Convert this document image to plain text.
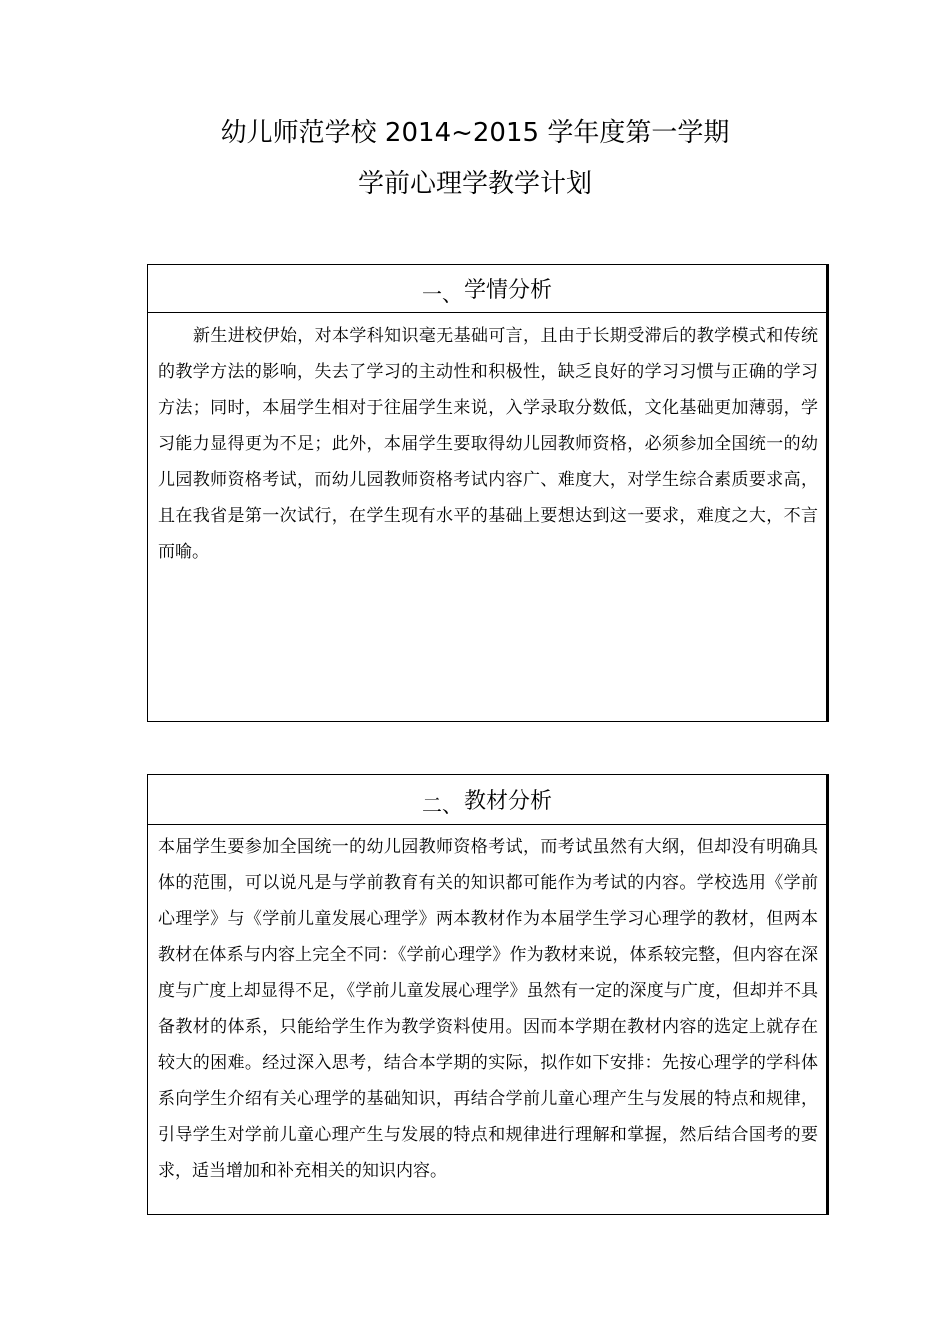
幼儿师范学校 2014~2015 学年度第一学期
学前心理学教学计划
一、 学情分析
新生进校伊始，对本学科知识毫无基础可言，且由于长期受滞后的教学模式和传统的教学方法的影响，失去了学习的主动性和积极性，缺乏良好的学习习惯与正确的学习方法；同时，本届学生相对于往届学生来说，入学录取分数低，文化基础更加薄弱，学习能力显得更为不足；此外，本届学生要取得幼儿园教师资格，必须参加全国统一的幼儿园教师资格考试，而幼儿园教师资格考试内容广、难度大，对学生综合素质要求高，且在我省是第一次试行，在学生现有水平的基础上要想达到这一要求，难度之大，不言而喻。
二、 教材分析
本届学生要参加全国统一的幼儿园教师资格考试，而考试虽然有大纲，但却没有明确具体的范围，可以说凡是与学前教育有关的知识都可能作为考试的内容。学校选用《学前心理学》与《学前儿童发展心理学》两本教材作为本届学生学习心理学的教材，但两本教材在体系与内容上完全不同：《学前心理学》作为教材来说，体系较完整，但内容在深度与广度上却显得不足，《学前儿童发展心理学》虽然有一定的深度与广度，但却并不具备教材的体系，只能给学生作为教学资料使用。因而本学期在教材内容的选定上就存在较大的困难。经过深入思考，结合本学期的实际，拟作如下安排：先按心理学的学科体系向学生介绍有关心理学的基础知识，再结合学前儿童心理产生与发展的特点和规律，引导学生对学前儿童心理产生与发展的特点和规律进行理解和掌握，然后结合国考的要求，适当增加和补充相关的知识内容。
